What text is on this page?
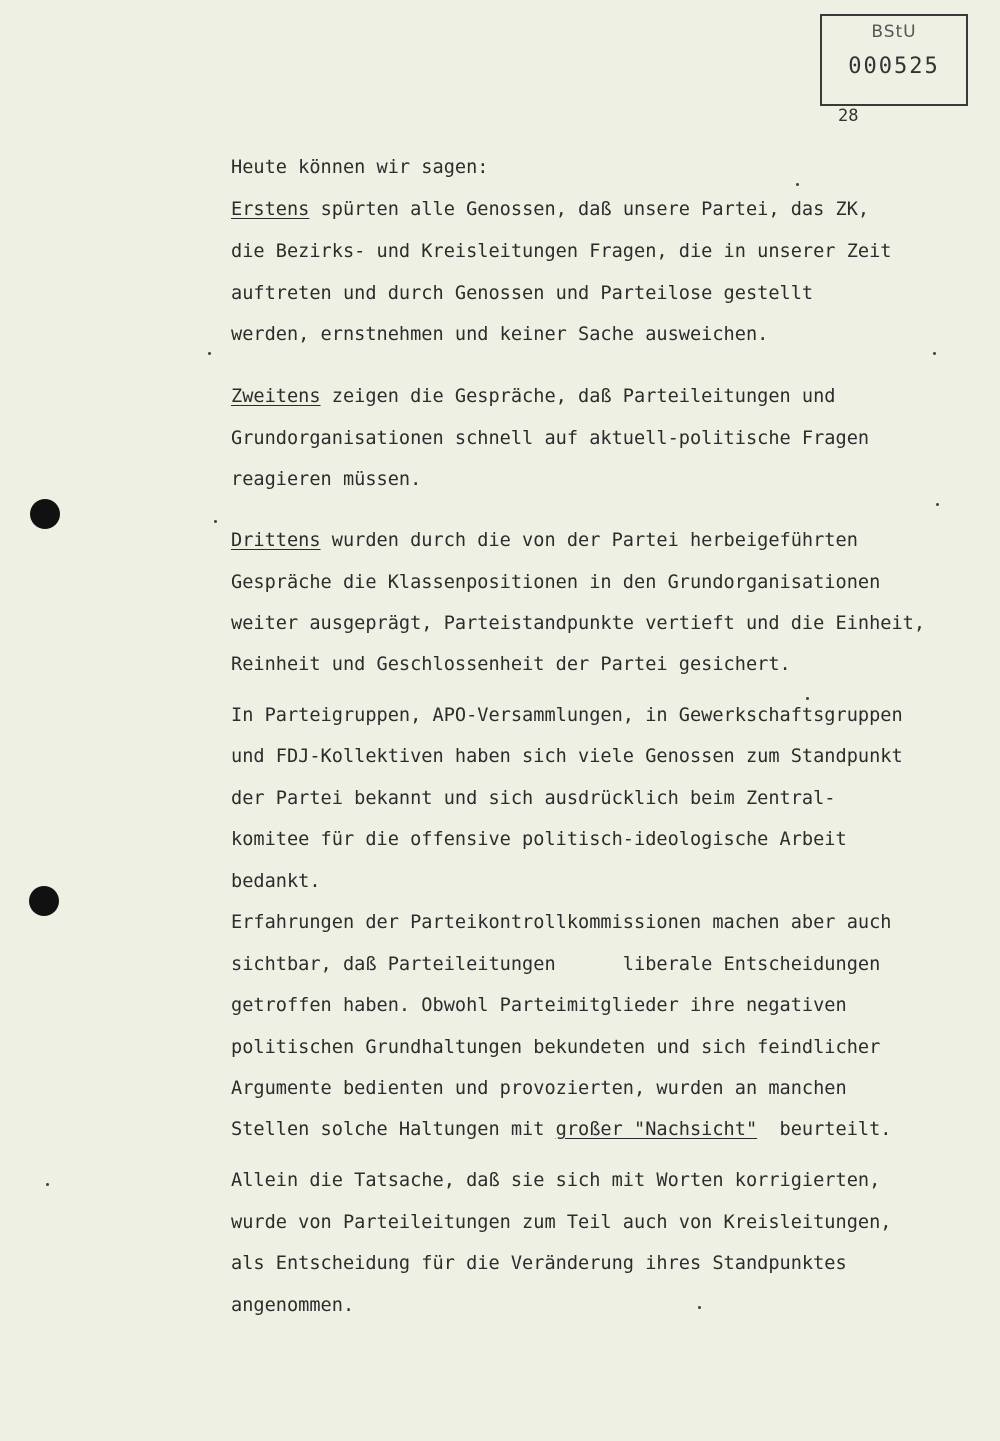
BStU
000525
28
Heute können wir sagen:
Erstens spürten alle Genossen, daß unsere Partei, das ZK,
die Bezirks- und Kreisleitungen Fragen, die in unserer Zeit
auftreten und durch Genossen und Parteilose gestellt
werden, ernstnehmen und keiner Sache ausweichen.
Zweitens zeigen die Gespräche, daß Parteileitungen und
Grundorganisationen schnell auf aktuell-politische Fragen
reagieren müssen.
Drittens wurden durch die von der Partei herbeigeführten
Gespräche die Klassenpositionen in den Grundorganisationen
weiter ausgeprägt, Parteistandpunkte vertieft und die Einheit,
Reinheit und Geschlossenheit der Partei gesichert.
In Parteigruppen, APO-Versammlungen, in Gewerkschaftsgruppen
und FDJ-Kollektiven haben sich viele Genossen zum Standpunkt
der Partei bekannt und sich ausdrücklich beim Zentral-
komitee für die offensive politisch-ideologische Arbeit
bedankt.
Erfahrungen der Parteikontrollkommissionen machen aber auch
sichtbar, daß Parteileitungen      liberale Entscheidungen
getroffen haben. Obwohl Parteimitglieder ihre negativen
politischen Grundhaltungen bekundeten und sich feindlicher
Argumente bedienten und provozierten, wurden an manchen
Stellen solche Haltungen mit großer "Nachsicht"  beurteilt.
Allein die Tatsache, daß sie sich mit Worten korrigierten,
wurde von Parteileitungen zum Teil auch von Kreisleitungen,
als Entscheidung für die Veränderung ihres Standpunktes
angenommen.
